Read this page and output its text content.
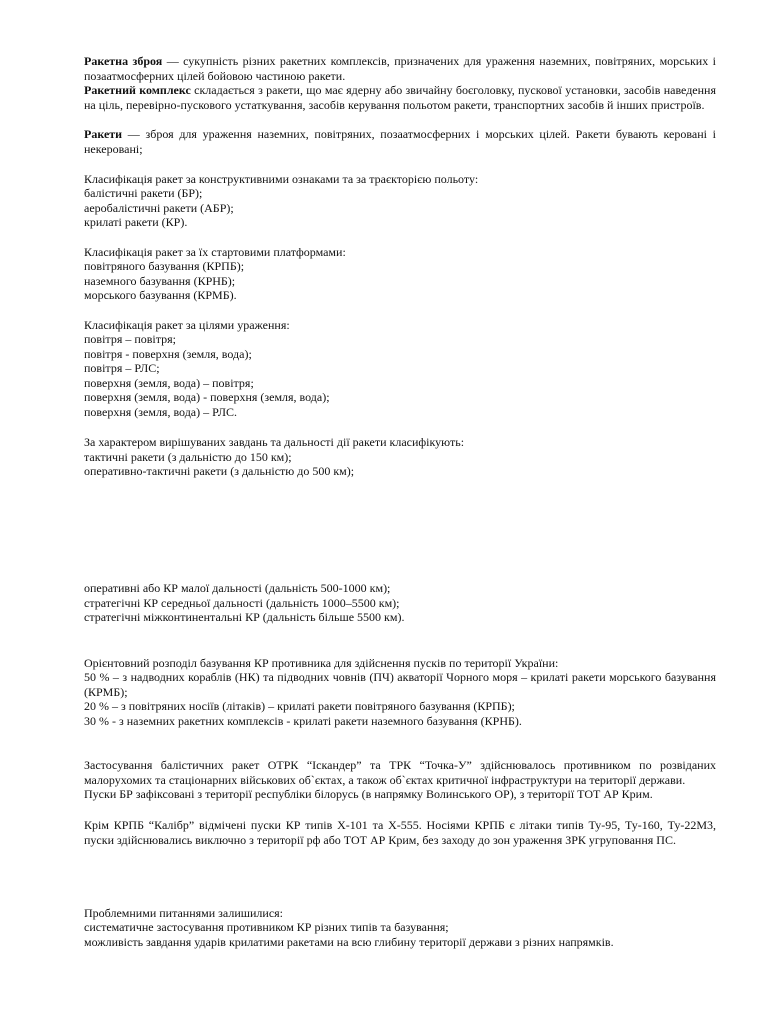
Ракетна зброя — сукупність різних ракетних комплексів, призначених для ураження наземних, повітряних, морських і позаатмосферних цілей бойовою частиною ракети.
Ракетний комплекс складається з ракети, що має ядерну або звичайну боєголовку, пускової установки, засобів наведення на ціль, перевірно-пускового устаткування, засобів керування польотом ракети, транспортних засобів й інших пристроїв.
Ракети — зброя для ураження наземних, повітряних, позаатмосферних і морських цілей. Ракети бувають керовані і некеровані;
Класифікація ракет за конструктивними ознаками та за траєкторією польоту:
балістичні ракети (БР);
аеробалістичні ракети (АБР);
крилаті ракети (КР).
Класифікація ракет за їх стартовими платформами:
повітряного базування (КРПБ);
наземного базування (КРНБ);
морського базування (КРМБ).
Класифікація ракет за цілями ураження:
повітря – повітря;
повітря - поверхня (земля, вода);
повітря – РЛС;
поверхня (земля, вода) – повітря;
поверхня (земля, вода) - поверхня (земля, вода);
поверхня (земля, вода) – РЛС.
За характером вирішуваних завдань та дальності дії ракети класифікують:
тактичні ракети (з дальністю до 150 км);
оперативно-тактичні ракети (з дальністю до 500 км);
оперативні або КР малої дальності (дальність 500-1000 км);
стратегічні КР середньої дальності (дальність 1000–5500 км);
стратегічні міжконтинентальні КР (дальність більше 5500 км).
Орієнтовний розподіл базування КР противника для здійснення пусків по території України:
50 % – з надводних кораблів (НК) та підводних човнів (ПЧ) акваторії Чорного моря – крилаті ракети морського базування (КРМБ);
20 % – з повітряних носіїв (літаків) – крилаті ракети повітряного базування (КРПБ);
30 % - з наземних ракетних комплексів - крилаті ракети наземного базування (КРНБ).
Застосування балістичних ракет ОТРК “Іскандер” та ТРК “Точка-У” здійснювалось противником по розвіданих малорухомих та стаціонарних військових об`єктах, а також об`єктах критичної інфраструктури на території держави.
Пуски БР зафіксовані з території республіки білорусь (в напрямку Волинського ОР), з території ТОТ АР Крим.
Крім КРПБ “Калібр” відмічені пуски КР типів Х-101 та Х-555. Носіями КРПБ є літаки типів Ту-95, Ту-160, Ту-22М3, пуски здійснювались виключно з території рф або ТОТ АР Крим, без заходу до зон ураження ЗРК угруповання ПС.
Проблемними питаннями залишилися:
систематичне застосування противником КР різних типів та базування;
можливість завдання ударів крилатими ракетами на всю глибину території держави з різних напрямків.
